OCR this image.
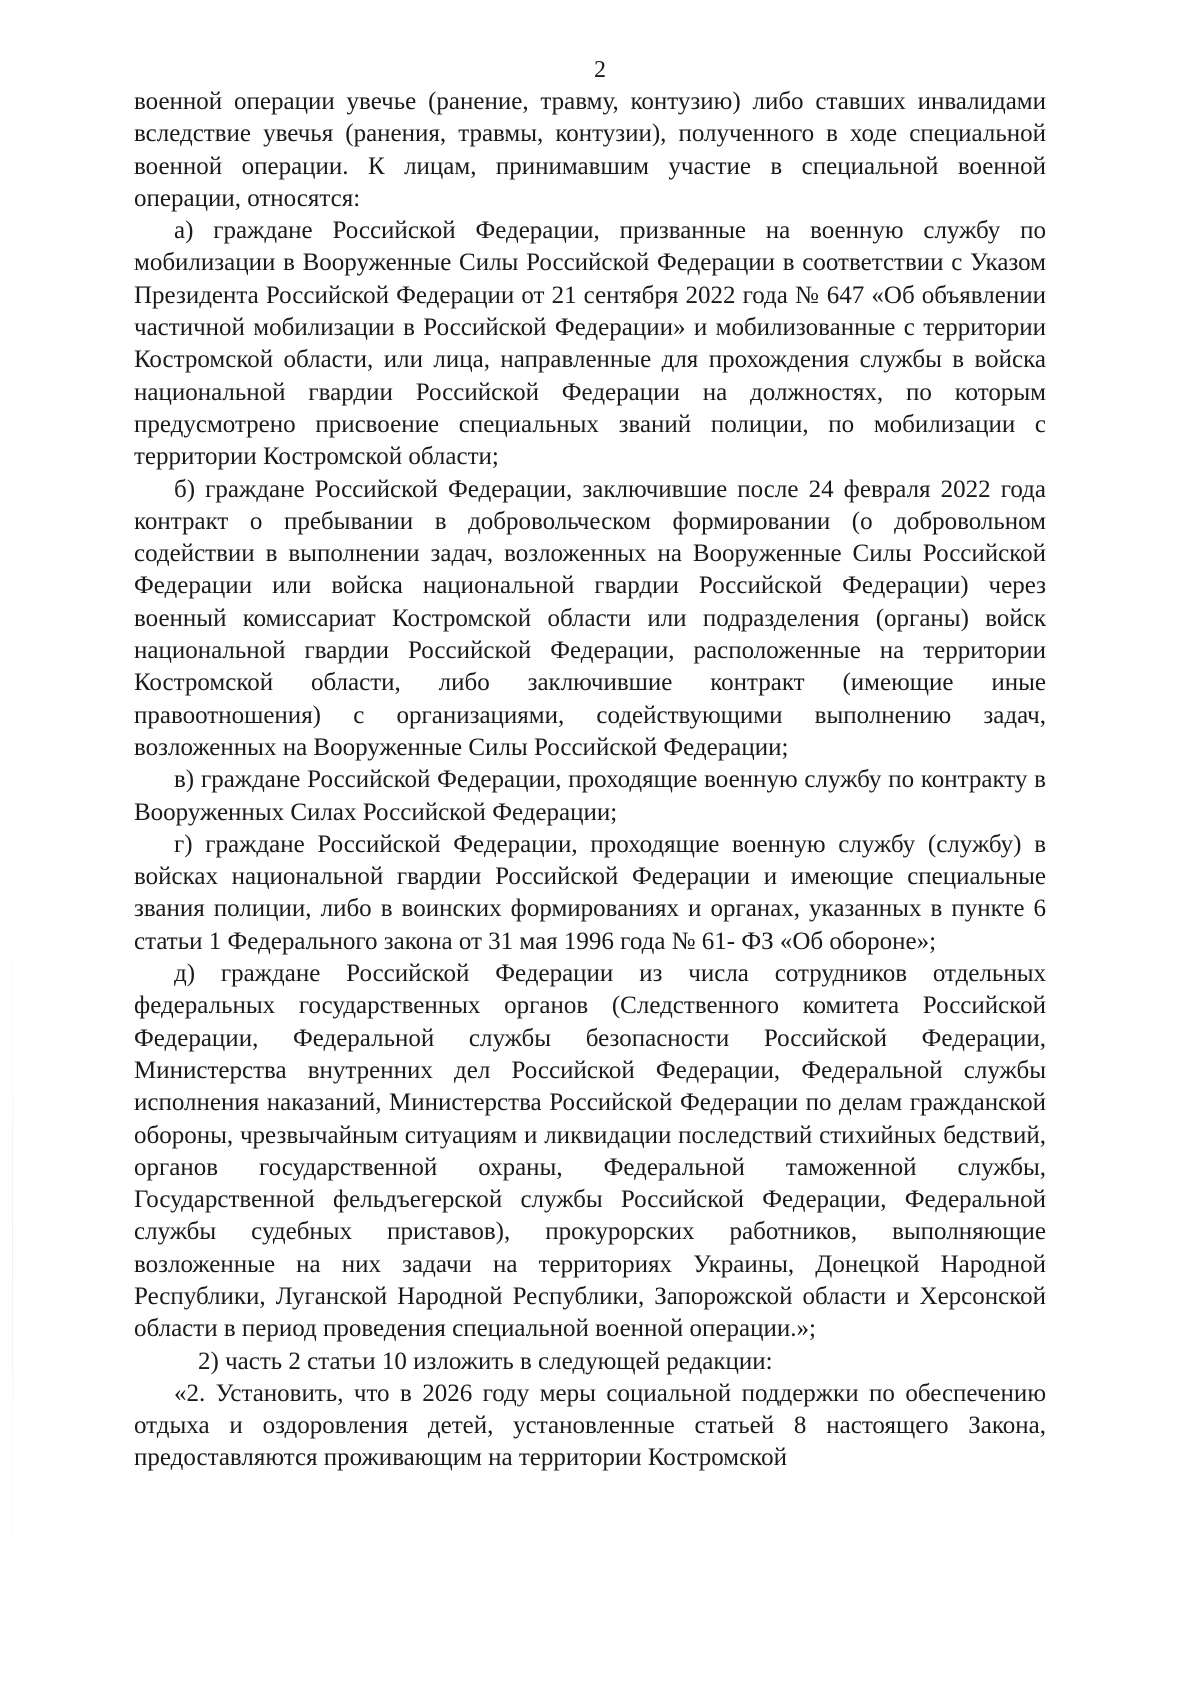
2

военной операции увечье (ранение, травму, контузию) либо ставших инвалидами вследствие увечья (ранения, травмы, контузии), полученного в ходе специальной военной операции. К лицам, принимавшим участие в специальной военной операции, относятся:

а) граждане Российской Федерации, призванные на военную службу по мобилизации в Вооруженные Силы Российской Федерации в соответствии с Указом Президента Российской Федерации от 21 сентября 2022 года № 647 «Об объявлении частичной мобилизации в Российской Федерации» и мобилизованные с территории Костромской области, или лица, направленные для прохождения службы в войска национальной гвардии Российской Федерации на должностях, по которым предусмотрено присвоение специальных званий полиции, по мобилизации с территории Костромской области;

б) граждане Российской Федерации, заключившие после 24 февраля 2022 года контракт о пребывании в добровольческом формировании (о добровольном содействии в выполнении задач, возложенных на Вооруженные Силы Российской Федерации или войска национальной гвардии Российской Федерации) через военный комиссариат Костромской области или подразделения (органы) войск национальной гвардии Российской Федерации, расположенные на территории Костромской области, либо заключившие контракт (имеющие иные правоотношения) с организациями, содействующими выполнению задач, возложенных на Вооруженные Силы Российской Федерации;

в) граждане Российской Федерации, проходящие военную службу по контракту в Вооруженных Силах Российской Федерации;

г) граждане Российской Федерации, проходящие военную службу (службу) в войсках национальной гвардии Российской Федерации и имеющие специальные звания полиции, либо в воинских формированиях и органах, указанных в пункте 6 статьи 1 Федерального закона от 31 мая 1996 года № 61- ФЗ «Об обороне»;

д) граждане Российской Федерации из числа сотрудников отдельных федеральных государственных органов (Следственного комитета Российской Федерации, Федеральной службы безопасности Российской Федерации, Министерства внутренних дел Российской Федерации, Федеральной службы исполнения наказаний, Министерства Российской Федерации по делам гражданской обороны, чрезвычайным ситуациям и ликвидации последствий стихийных бедствий, органов государственной охраны, Федеральной таможенной службы, Государственной фельдъегерской службы Российской Федерации, Федеральной службы судебных приставов), прокурорских работников, выполняющие возложенные на них задачи на территориях Украины, Донецкой Народной Республики, Луганской Народной Республики, Запорожской области и Херсонской области в период проведения специальной военной операции.»;

2) часть 2 статьи 10 изложить в следующей редакции:

«2. Установить, что в 2026 году меры социальной поддержки по обеспечению отдыха и оздоровления детей, установленные статьей 8 настоящего Закона, предоставляются проживающим на территории Костромской
